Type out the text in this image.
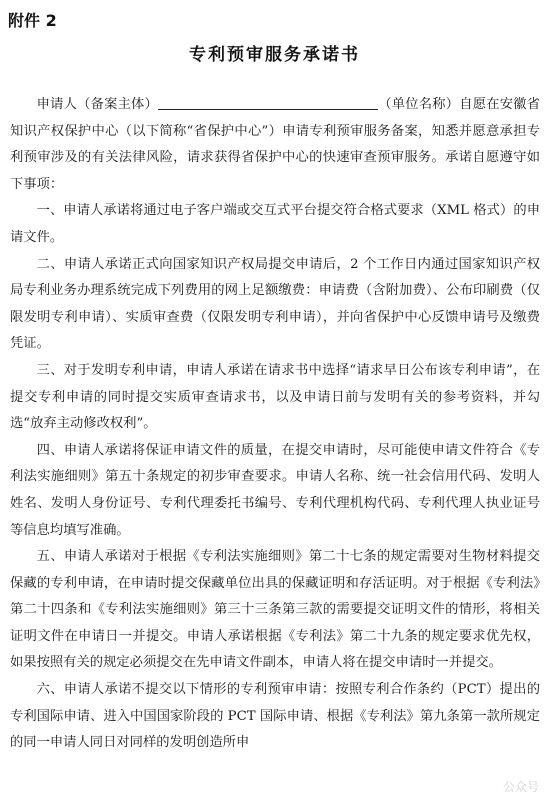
附件 2
专利预审服务承诺书

申请人（备案主体）	（单位名称）自愿在安徽省知识产权保护中心（以下简称“省保护中心”）申请专利预审服务备案，知悉并愿意承担专利预审涉及的有关法律风险，请求获得省保护中心的快速审查预审服务。承诺自愿遵守如下事项：

一、申请人承诺将通过电子客户端或交互式平台提交符合格式要求（XML 格式）的申请文件。

二、申请人承诺正式向国家知识产权局提交申请后，2 个工作日内通过国家知识产权局专利业务办理系统完成下列费用的网上足额缴费：申请费（含附加费）、公布印刷费（仅限发明专利申请）、实质审查费（仅限发明专利申请），并向省保护中心反馈申请号及缴费凭证。

三、对于发明专利申请，申请人承诺在请求书中选择“请求早日公布该专利申请”，在提交专利申请的同时提交实质审查请求书，以及申请日前与发明有关的参考资料，并勾选“放弃主动修改权利”。

四、申请人承诺将保证申请文件的质量，在提交申请时，尽可能使申请文件符合《专利法实施细则》第五十条规定的初步审查要求。申请人名称、统一社会信用代码、发明人姓名、发明人身份证号、专利代理委托书编号、专利代理机构代码、专利代理人执业证号等信息均填写准确。

五、申请人承诺对于根据《专利法实施细则》第二十七条的规定需要对生物材料提交保藏的专利申请，在申请时提交保藏单位出具的保藏证明和存活证明。对于根据《专利法》第二十四条和《专利法实施细则》第三十三条第三款的需要提交证明文件的情形，将相关证明文件在申请日一并提交。申请人承诺根据《专利法》第二十九条的规定要求优先权，如果按照有关的规定必须提交在先申请文件副本，申请人将在提交申请时一并提交。

六、申请人承诺不提交以下情形的专利预审申请：按照专利合作条约（PCT）提出的专利国际申请、进入中国国家阶段的 PCT 国际申请、根据《专利法》第九条第一款所规定的同一申请人同日对同样的发明创造所申

公众号
